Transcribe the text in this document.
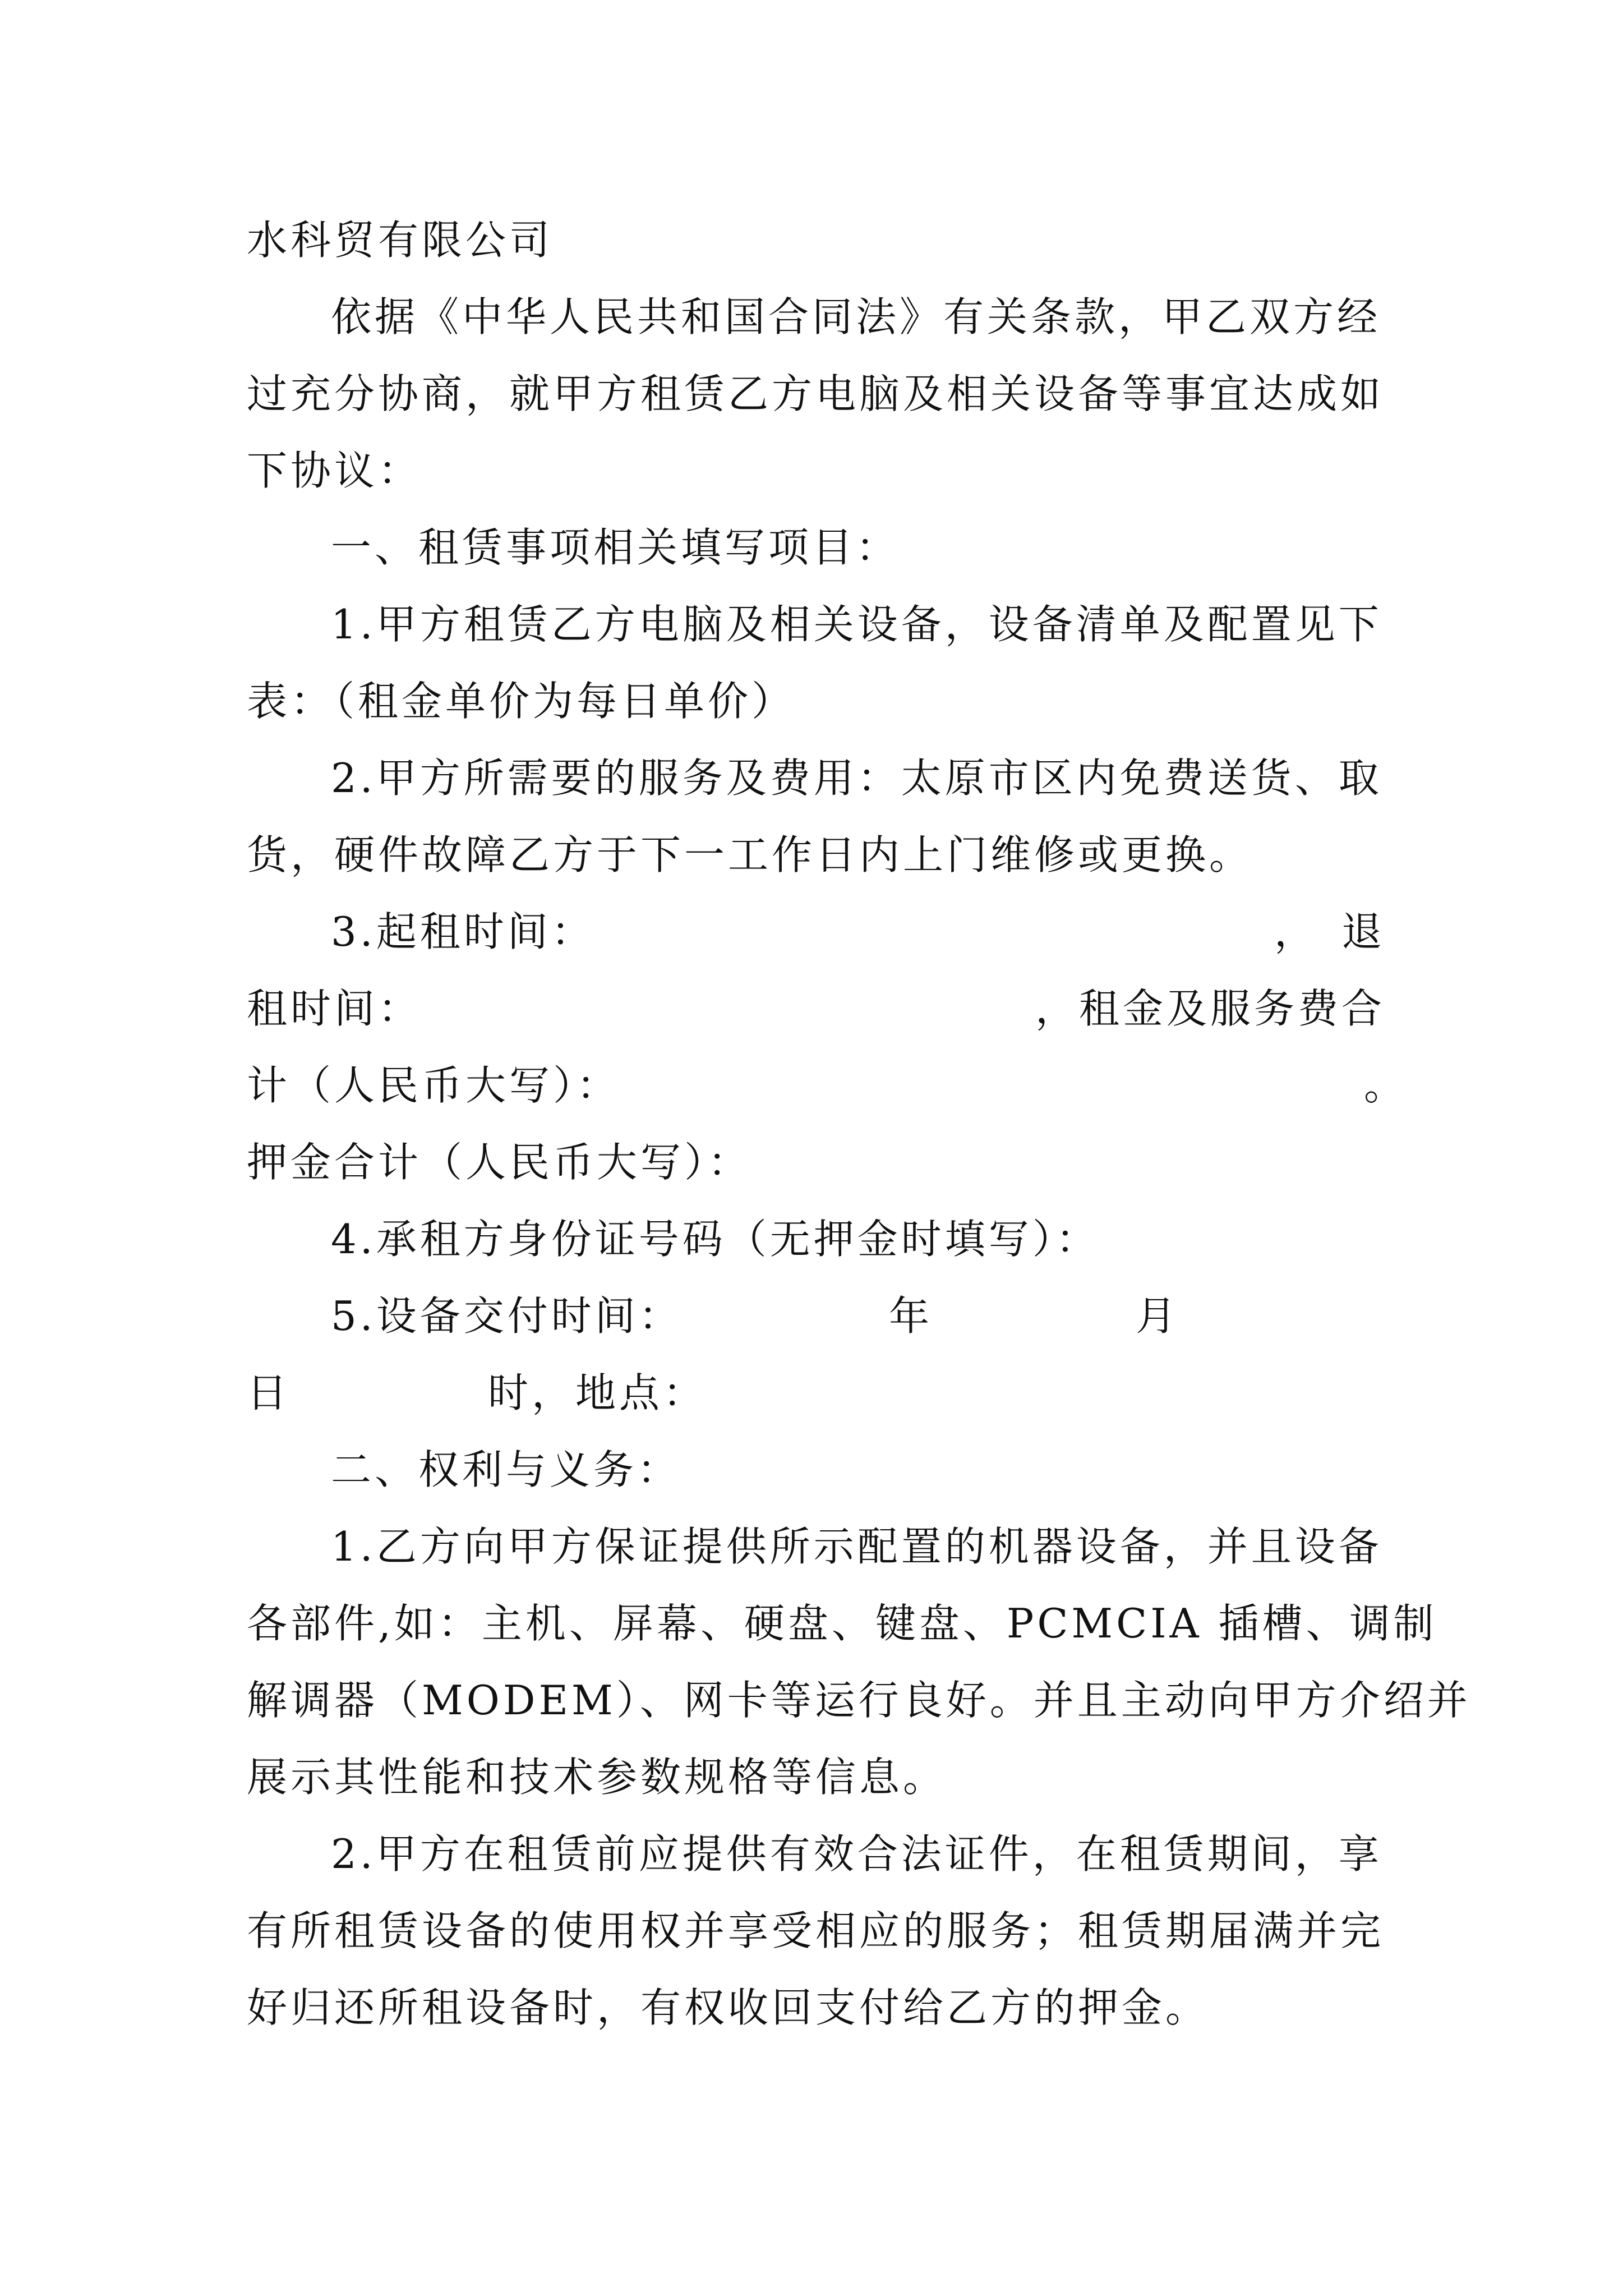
水科贸有限公司
依据《中华人民共和国合同法》有关条款，甲乙双方经
过充分协商，就甲方租赁乙方电脑及相关设备等事宜达成如
下协议：
一、租赁事项相关填写项目：
1.甲方租赁乙方电脑及相关设备，设备清单及配置见下
表：（租金单价为每日单价）
2.甲方所需要的服务及费用：太原市区内免费送货、取
货，硬件故障乙方于下一工作日内上门维修或更换。
3.起租时间：	，　退
租时间：	，租金及服务费合
计（人民币大写）：	。
押金合计（人民币大写）：
4.承租方身份证号码（无押金时填写）：
5.设备交付时间：	年	月
日	时，地点：
二、权利与义务：
1.乙方向甲方保证提供所示配置的机器设备，并且设备
各部件,如：主机、屏幕、硬盘、键盘、PCMCIA 插槽、调制
解调器（MODEM）、网卡等运行良好。并且主动向甲方介绍并
展示其性能和技术参数规格等信息。
2.甲方在租赁前应提供有效合法证件，在租赁期间，享
有所租赁设备的使用权并享受相应的服务；租赁期届满并完
好归还所租设备时，有权收回支付给乙方的押金。
